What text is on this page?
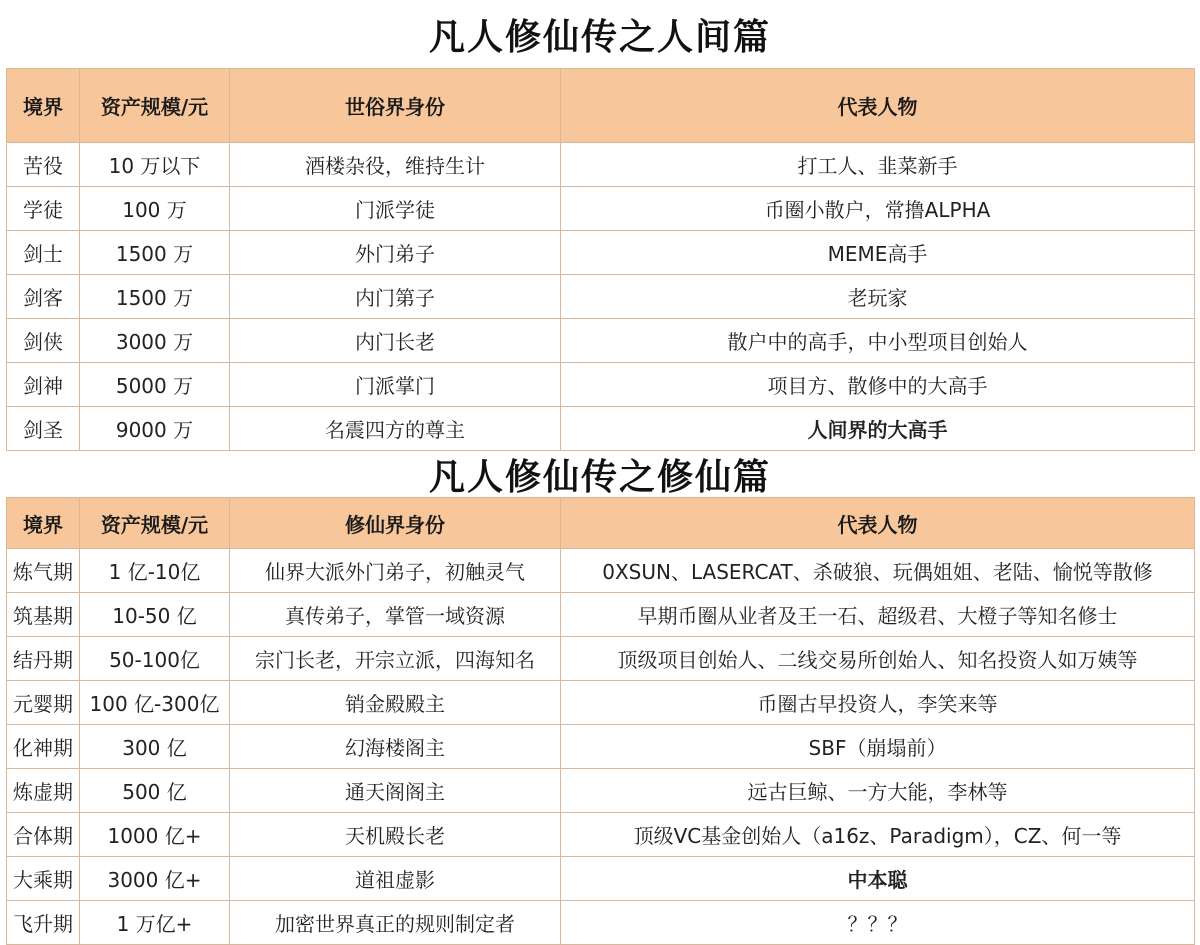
凡人修仙传之人间篇
境界	资产规模/元	世俗界身份	代表人物
苦役	10 万以下	酒楼杂役，维持生计	打工人、韭菜新手
学徒	100 万	门派学徒	币圈小散户，常撸ALPHA
剑士	1500 万	外门弟子	MEME高手
剑客	1500 万	内门第子	老玩家
剑侠	3000 万	内门长老	散户中的高手，中小型项目创始人
剑神	5000 万	门派掌门	项目方、散修中的大高手
剑圣	9000 万	名震四方的尊主	人间界的大高手
凡人修仙传之修仙篇
境界	资产规模/元	修仙界身份	代表人物
炼气期	1 亿-10亿	仙界大派外门弟子，初触灵气	0XSUN、LASERCAT、杀破狼、玩偶姐姐、老陆、愉悦等散修
筑基期	10-50 亿	真传弟子，掌管一域资源	早期币圈从业者及王一石、超级君、大橙子等知名修士
结丹期	50-100亿	宗门长老，开宗立派，四海知名	顶级项目创始人、二线交易所创始人、知名投资人如万姨等
元婴期	100 亿-300亿	销金殿殿主	币圈古早投资人，李笑来等
化神期	300 亿	幻海楼阁主	SBF（崩塌前）
炼虚期	500 亿	通天阁阁主	远古巨鲸、一方大能，李林等
合体期	1000 亿+	天机殿长老	顶级VC基金创始人（a16z、Paradigm），CZ、何一等
大乘期	3000 亿+	道祖虚影	中本聪
飞升期	1 万亿+	加密世界真正的规则制定者	？？？
